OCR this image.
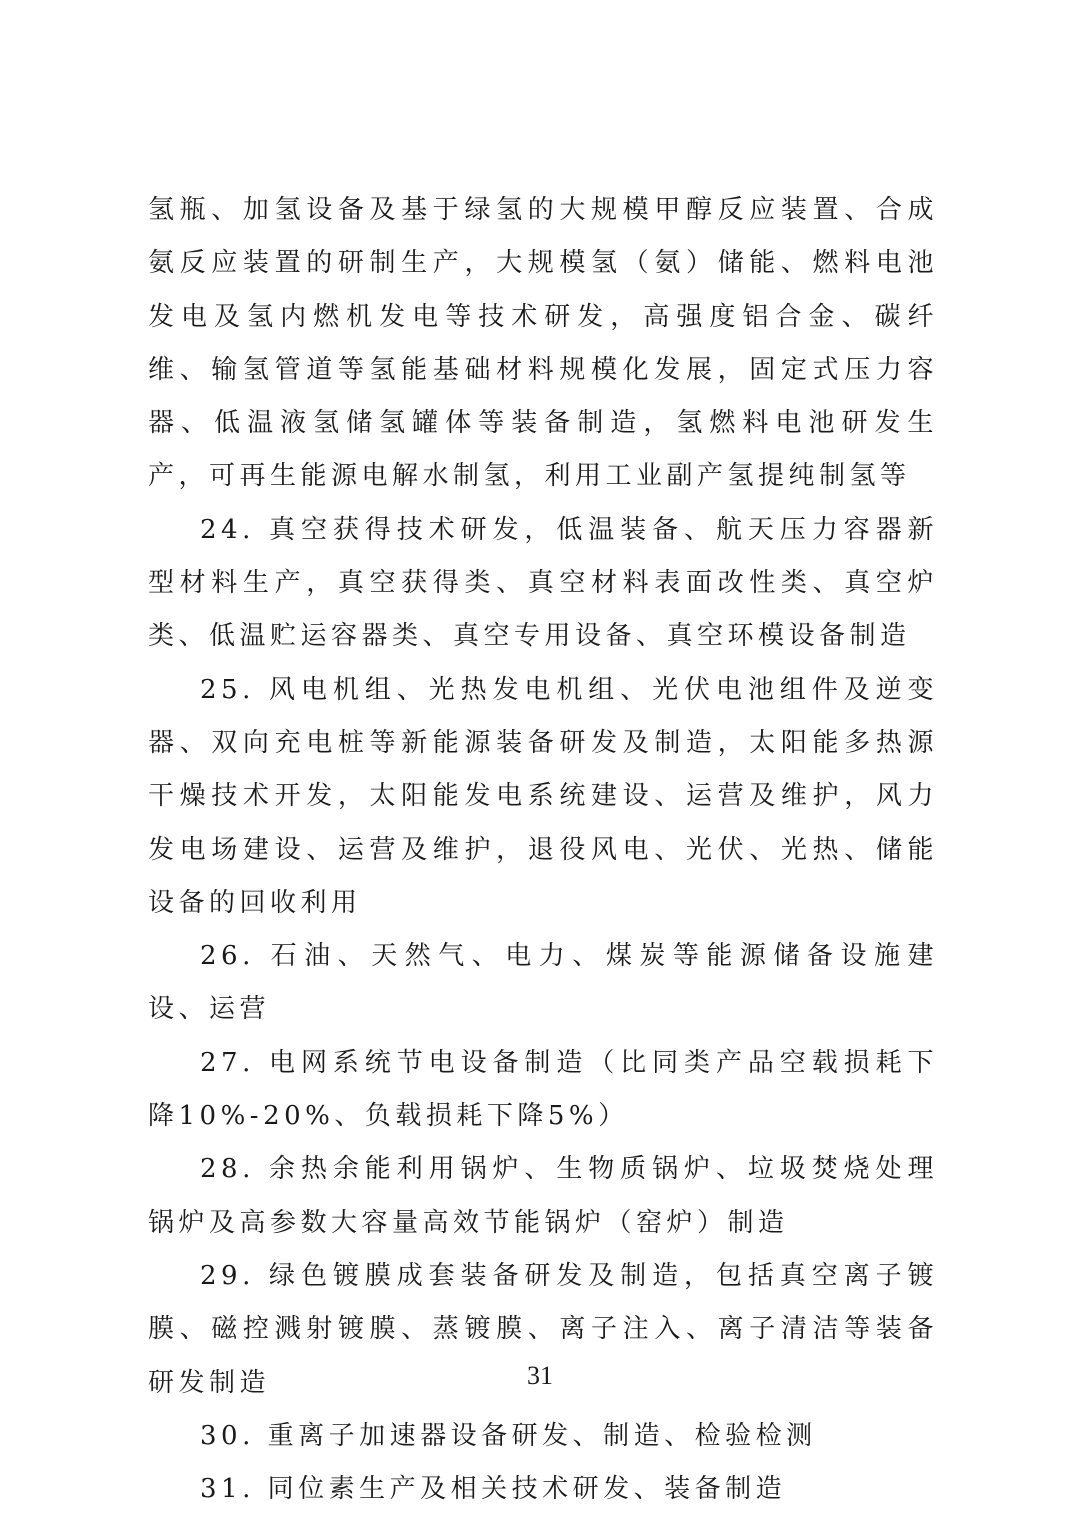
氢瓶、加氢设备及基于绿氢的大规模甲醇反应装置、合成氨反应装置的研制生产，大规模氢（氨）储能、燃料电池发电及氢内燃机发电等技术研发，高强度铝合金、碳纤维、输氢管道等氢能基础材料规模化发展，固定式压力容器、低温液氢储氢罐体等装备制造，氢燃料电池研发生产，可再生能源电解水制氢，利用工业副产氢提纯制氢等

24. 真空获得技术研发，低温装备、航天压力容器新型材料生产，真空获得类、真空材料表面改性类、真空炉类、低温贮运容器类、真空专用设备、真空环模设备制造

25. 风电机组、光热发电机组、光伏电池组件及逆变器、双向充电桩等新能源装备研发及制造，太阳能多热源干燥技术开发，太阳能发电系统建设、运营及维护，风力发电场建设、运营及维护，退役风电、光伏、光热、储能设备的回收利用

26. 石油、天然气、电力、煤炭等能源储备设施建设、运营

27. 电网系统节电设备制造（比同类产品空载损耗下降10%-20%、负载损耗下降5%）

28. 余热余能利用锅炉、生物质锅炉、垃圾焚烧处理锅炉及高参数大容量高效节能锅炉（窑炉）制造

29. 绿色镀膜成套装备研发及制造，包括真空离子镀膜、磁控溅射镀膜、蒸镀膜、离子注入、离子清洁等装备研发制造

30. 重离子加速器设备研发、制造、检验检测

31. 同位素生产及相关技术研发、装备制造

31
